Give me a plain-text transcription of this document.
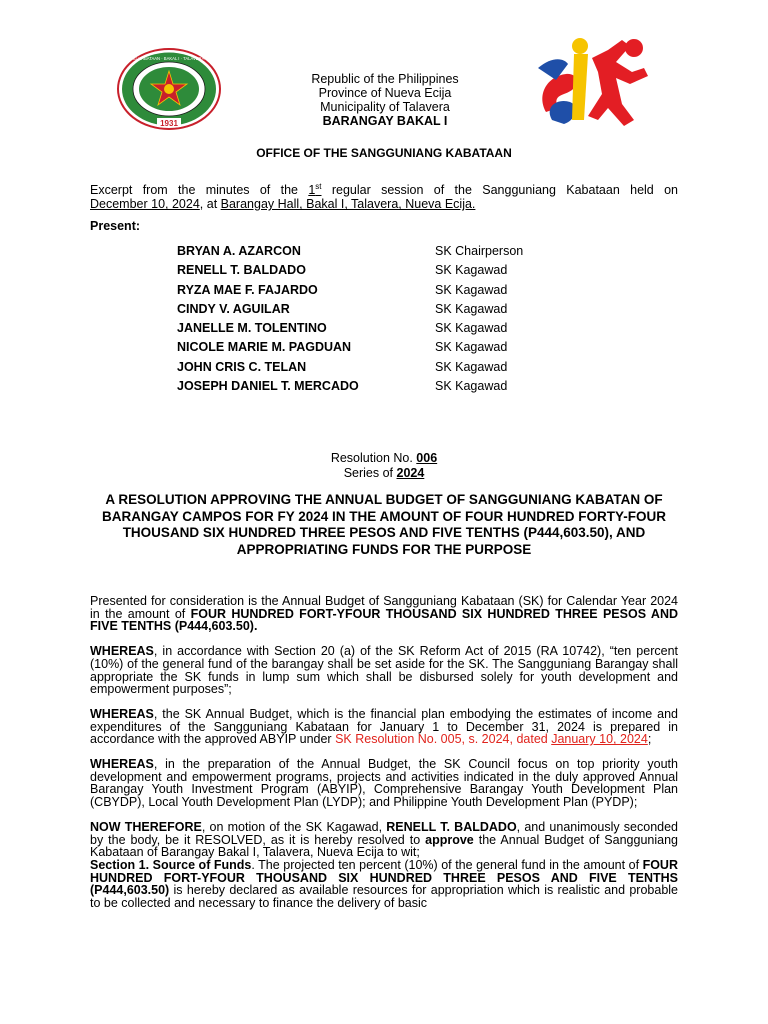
1931
SANGGUNIANG KABATAAN · BAKAL I · TALAVERA NUEVA ECIJA
Republic of the Philippines
Province of Nueva Ecija
Municipality of Talavera
BARANGAY BAKAL I
OFFICE OF THE SANGGUNIANG KABATAAN
Excerpt from the minutes of the 1st regular session of the Sangguniang Kabataan held on
December 10, 2024, at Barangay Hall, Bakal I, Talavera, Nueva Ecija.
Present:
BRYAN A. AZARCON	SK Chairperson
RENELL T. BALDADO	SK Kagawad
RYZA MAE F. FAJARDO	SK Kagawad
CINDY V. AGUILAR	SK Kagawad
JANELLE M. TOLENTINO	SK Kagawad
NICOLE MARIE M. PAGDUAN	SK Kagawad
JOHN CRIS C. TELAN	SK Kagawad
JOSEPH DANIEL T. MERCADO	SK Kagawad
Resolution No. 006
Series of 2024
A RESOLUTION APPROVING THE ANNUAL BUDGET OF SANGGUNIANG KABATAN OF BARANGAY CAMPOS FOR FY 2024 IN THE AMOUNT OF FOUR HUNDRED FORTY-FOUR THOUSAND SIX HUNDRED THREE PESOS AND FIVE TENTHS (P444,603.50), AND APPROPRIATING FUNDS FOR THE PURPOSE

Presented for consideration is the Annual Budget of Sangguniang Kabataan (SK) for Calendar Year 2024 in the amount of FOUR HUNDRED FORT-YFOUR THOUSAND SIX HUNDRED THREE PESOS AND FIVE TENTHS (P444,603.50).

WHEREAS, in accordance with Section 20 (a) of the SK Reform Act of 2015 (RA 10742), “ten percent (10%) of the general fund of the barangay shall be set aside for the SK. The Sangguniang Barangay shall appropriate the SK funds in lump sum which shall be disbursed solely for youth development and empowerment purposes”;

WHEREAS, the SK Annual Budget, which is the financial plan embodying the estimates of income and expenditures of the Sangguniang Kabataan for January 1 to December 31, 2024 is prepared in accordance with the approved ABYIP under SK Resolution No. 005, s. 2024, dated January 10, 2024;

WHEREAS, in the preparation of the Annual Budget, the SK Council focus on top priority youth development and empowerment programs, projects and activities indicated in the duly approved Annual Barangay Youth Investment Program (ABYIP), Comprehensive Barangay Youth Development Plan (CBYDP), Local Youth Development Plan (LYDP); and Philippine Youth Development Plan (PYDP);

NOW THEREFORE, on motion of the SK Kagawad, RENELL T. BALDADO, and unanimously seconded by the body, be it RESOLVED, as it is hereby resolved to approve the Annual Budget of Sangguniang Kabataan of Barangay Bakal I, Talavera, Nueva Ecija to wit;

Section 1. Source of Funds. The projected ten percent (10%) of the general fund in the amount of FOUR HUNDRED FORT-YFOUR THOUSAND SIX HUNDRED THREE PESOS AND FIVE TENTHS (P444,603.50) is hereby declared as available resources for appropriation which is realistic and probable to be collected and necessary to finance the delivery of basic
